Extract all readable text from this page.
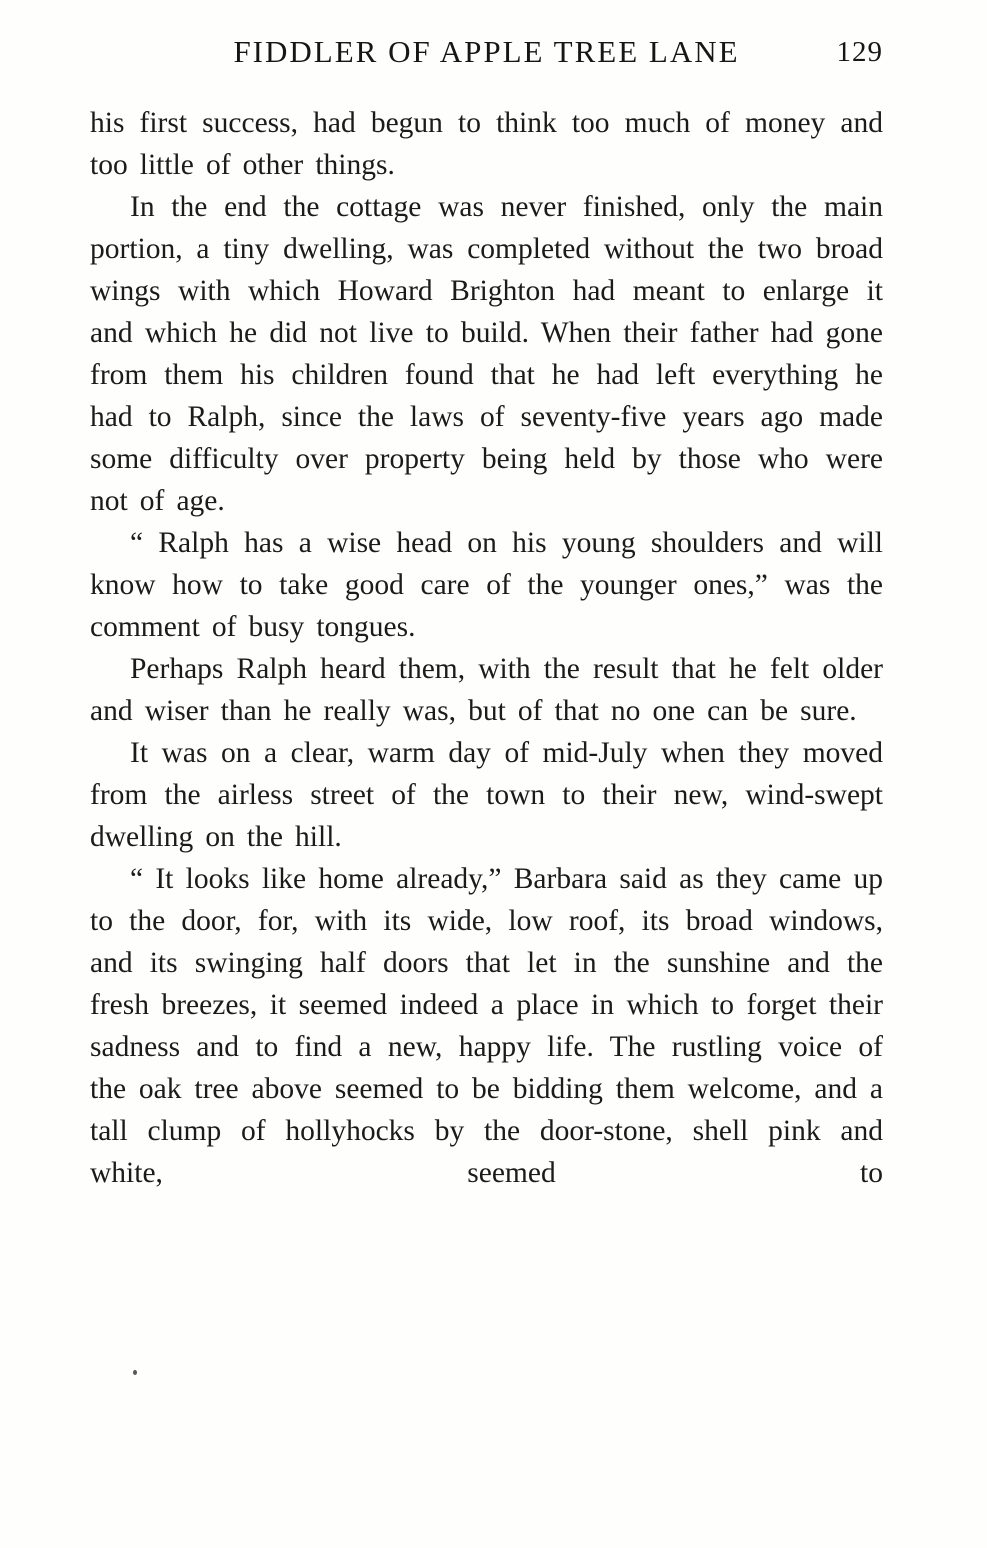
FIDDLER OF APPLE TREE LANE	129

his first success, had begun to think too much of money and too little of other things.

In the end the cottage was never finished, only the main portion, a tiny dwelling, was completed without the two broad wings with which Howard Brighton had meant to enlarge it and which he did not live to build. When their father had gone from them his children found that he had left everything he had to Ralph, since the laws of seventy-five years ago made some difficulty over property being held by those who were not of age.

“ Ralph has a wise head on his young shoulders and will know how to take good care of the younger ones,” was the comment of busy tongues.

Perhaps Ralph heard them, with the result that he felt older and wiser than he really was, but of that no one can be sure.

It was on a clear, warm day of mid-July when they moved from the airless street of the town to their new, wind-swept dwelling on the hill.

“ It looks like home already,” Barbara said as they came up to the door, for, with its wide, low roof, its broad windows, and its swinging half doors that let in the sunshine and the fresh breezes, it seemed indeed a place in which to forget their sadness and to find a new, happy life. The rustling voice of the oak tree above seemed to be bidding them welcome, and a tall clump of hollyhocks by the door-stone, shell pink and white, seemed to
